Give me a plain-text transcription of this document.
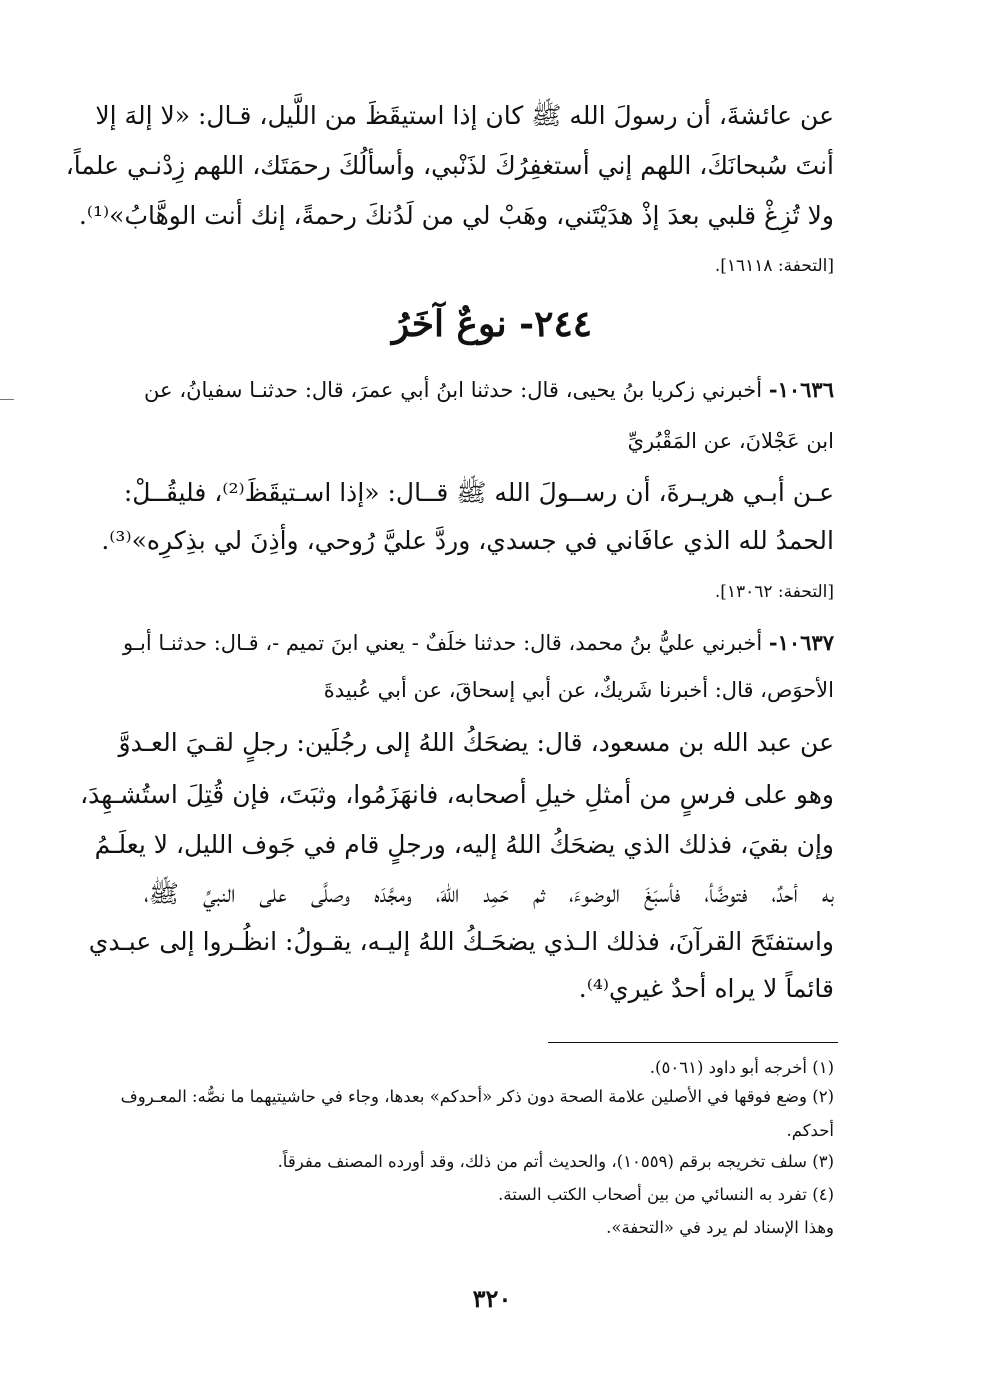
عن عائشةَ، أن رسولَ الله ﷺ كان إذا استيقَظَ من اللَّيل، قـال: «لا إلهَ إلا
أنتَ سُبحانَكَ، اللهم إني أستغفِرُكَ لذَنْبي، وأسألُكَ رحمَتَك، اللهم زِدْنـي علماً،
ولا تُزِغْ قلبي بعدَ إذْ هدَيْتَني، وهَبْ لي من لَدُنكَ رحمةً، إنك أنت الوهَّابُ»⁽¹⁾.
[التحفة: ١٦١١٨].
٢٤٤- نوعٌ آخَرُ
١٠٦٣٦- أخبرني زكريا بنُ يحيى، قال: حدثنا ابنُ أبي عمرَ، قال: حدثنـا سفيانُ، عن
ابن عَجْلانَ، عن المَقْبُريِّ
عـن أبـي هريـرةَ، أن رســولَ الله ﷺ قــال: «إذا اسـتيقَظَ⁽²⁾، فليقُــلْ:
الحمدُ لله الذي عافَاني في جسدي، وردَّ عليَّ رُوحي، وأذِنَ لي بذِكرِه»⁽³⁾.
[التحفة: ١٣٠٦٢].
١٠٦٣٧- أخبرني عليُّ بنُ محمد، قال: حدثنا خلَفٌ - يعني ابنَ تميم -، قـال: حدثنـا أبـو
الأحوَص، قال: أخبرنا شَريكٌ، عن أبي إسحاقَ، عن أبي عُبيدةَ
عن عبد الله بن مسعود، قال: يضحَكُ اللهُ إلى رجُلَين: رجلٍ لقـيَ العـدوَّ
وهو على فرسٍ من أمثلِ خيلِ أصحابه، فانهَزَمُوا، وثبَتَ، فإن قُتِلَ استُشـهِدَ،
وإن بقيَ، فذلك الذي يضحَكُ اللهُ إليه، ورجلٍ قام في جَوف الليل، لا يعلَـمُ
به أحدٌ، فتوضَّأ، فأسبَغَ الوضوءَ، ثم حَمِد اللهَ، ومجَّدَه وصلَّى على النبيِّ ﷺ،
واستفتَحَ القرآنَ، فذلك الـذي يضحَـكُ اللهُ إليـه، يقـولُ: انظُـروا إلى عبـدي
قائماً لا يراه أحدٌ غيري⁽⁴⁾.
(١) أخرجه أبو داود (٥٠٦١).
(٢) وضع فوقها في الأصلين علامة الصحة دون ذكر «أحدكم» بعدها، وجاء في حاشيتيهما ما نصُّه: المعـروف
أحدكم.
(٣) سلف تخريجه برقم (١٠٥٥٩)، والحديث أتم من ذلك، وقد أورده المصنف مفرقاً.
(٤) تفرد به النسائي من بين أصحاب الكتب الستة.
وهذا الإسناد لم يرد في «التحفة».
٣٢٠
